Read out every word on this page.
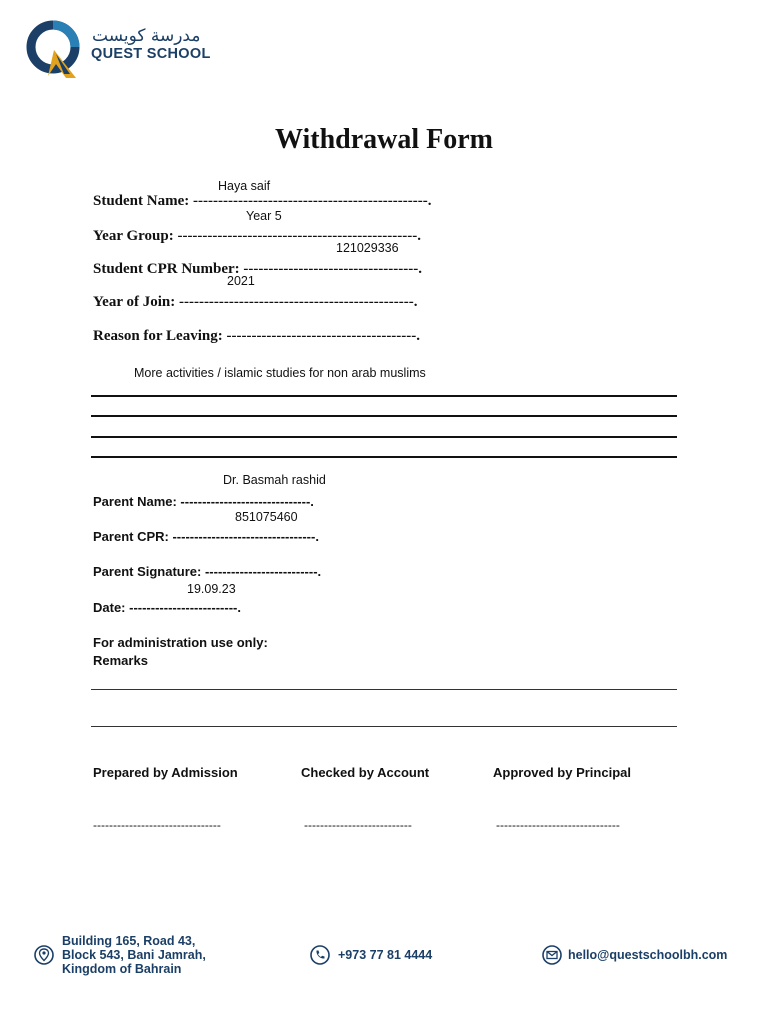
مدرسة كويست
QUEST SCHOOL
Withdrawal Form
Haya saif
Student Name: -----------------------------------------------.
Year 5
Year Group: ------------------------------------------------.
121029336
Student CPR Number: -----------------------------------.
2021
Year of Join: -----------------------------------------------.
Reason for Leaving: --------------------------------------.
More activities / islamic studies for non arab muslims
Dr. Basmah rashid
Parent Name: ------------------------------.
851075460
Parent CPR: ---------------------------------.
Parent Signature: --------------------------.
19.09.23
Date: -------------------------.
For administration use only:
Remarks
Prepared by Admission	Checked by Account	Approved by Principal
--------------------------------	---------------------------	-------------------------------
Building 165, Road 43,
Block 543, Bani Jamrah,
Kingdom of Bahrain
+973 77 81 4444	hello@questschoolbh.com
